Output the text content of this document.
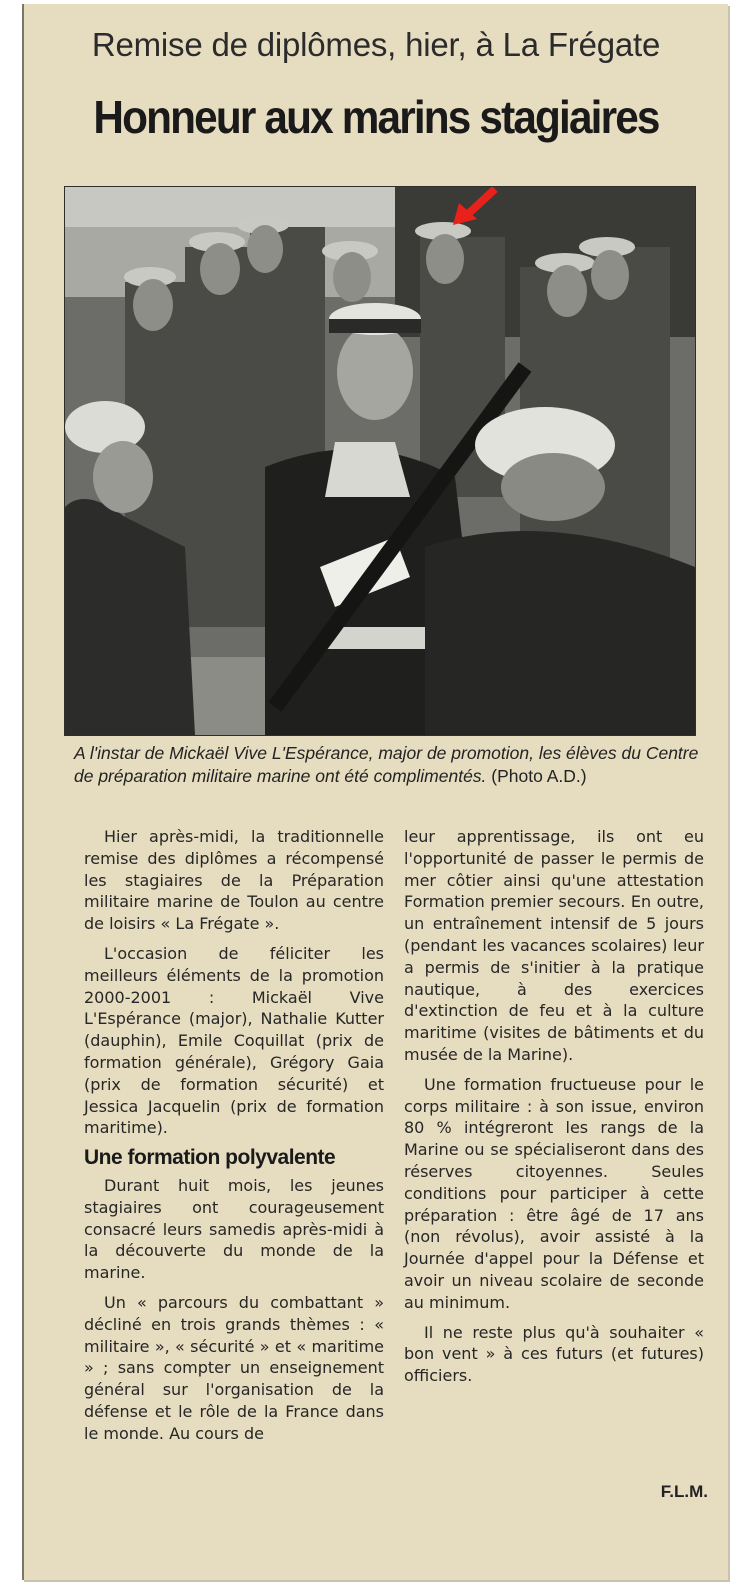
Remise de diplômes, hier, à La Frégate
Honneur aux marins stagiaires
A l'instar de Mickaël Vive L'Espérance, major de promotion, les élèves du Centre de préparation militaire marine ont été complimentés. (Photo A.D.)

Hier après-midi, la traditionnelle remise des diplômes a récompensé les stagiaires de la Préparation militaire marine de Toulon au centre de loisirs « La Frégate ».

L'occasion de féliciter les meilleurs éléments de la promotion 2000-2001 : Mickaël Vive L'Espérance (major), Nathalie Kutter (dauphin), Emile Coquillat (prix de formation générale), Grégory Gaia (prix de formation sécurité) et Jessica Jacquelin (prix de formation maritime).

Une formation polyvalente

Durant huit mois, les jeunes stagiaires ont courageusement consacré leurs samedis après-midi à la découverte du monde de la marine.

Un « parcours du combattant » décliné en trois grands thèmes : « militaire », « sécurité » et « maritime » ; sans compter un enseignement général sur l'organisation de la défense et le rôle de la France dans le monde. Au cours de

leur apprentissage, ils ont eu l'opportunité de passer le permis de mer côtier ainsi qu'une attestation Formation premier secours. En outre, un entraînement intensif de 5 jours (pendant les vacances scolaires) leur a permis de s'initier à la pratique nautique, à des exercices d'extinction de feu et à la culture maritime (visites de bâtiments et du musée de la Marine).

Une formation fructueuse pour le corps militaire : à son issue, environ 80 % intégreront les rangs de la Marine ou se spécialiseront dans des réserves citoyennes. Seules conditions pour participer à cette préparation : être âgé de 17 ans (non révolus), avoir assisté à la Journée d'appel pour la Défense et avoir un niveau scolaire de seconde au minimum.

Il ne reste plus qu'à souhaiter « bon vent » à ces futurs (et futures) officiers.

F.L.M.
